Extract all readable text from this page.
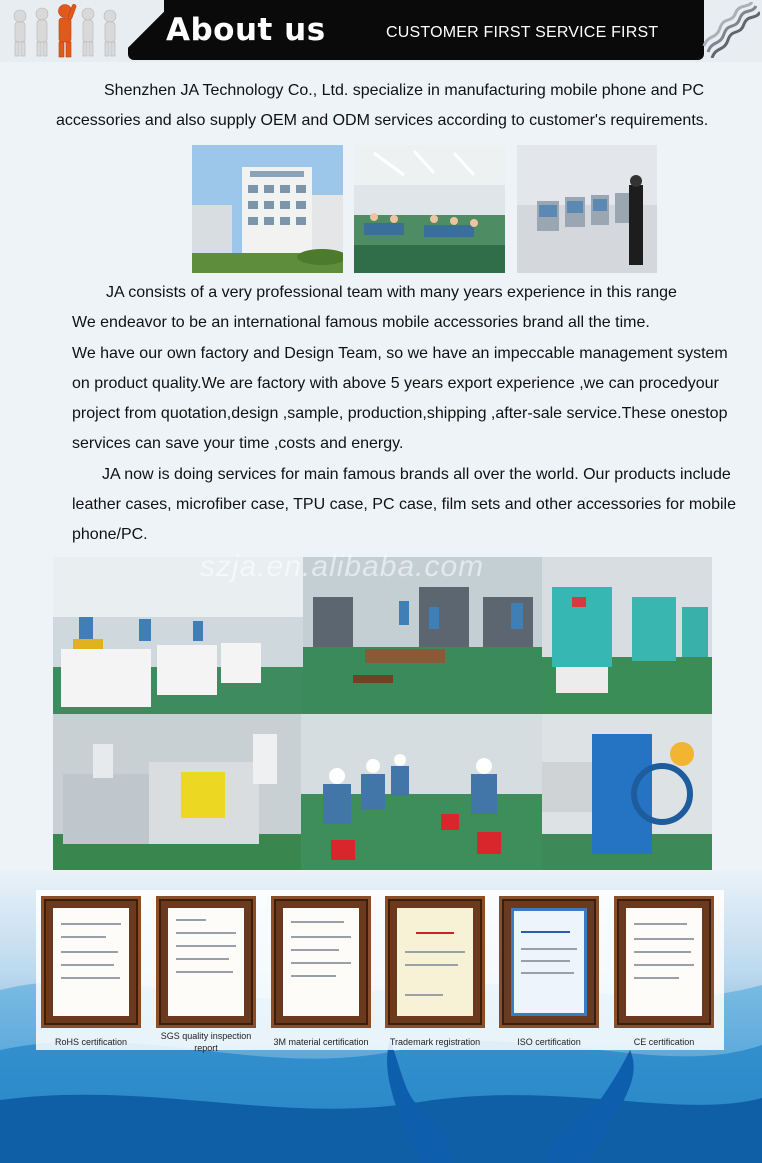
About us	CUSTOMER FIRST SERVICE FIRST
Shenzhen JA Technology Co., Ltd. specialize in manufacturing mobile phone and PC accessories and also supply OEM and ODM services according to customer's requirements.
JA consists of a very professional team with many years experience in this range
We endeavor to be an international famous mobile accessories brand all the time.
We have our own factory and Design Team, so we have an impeccable management system on product quality.We are factory with above 5 years export experience ,we can procedyour project from quotation,design ,sample, production,shipping ,after-sale service.These onestop services can save your time ,costs and energy.
JA now is doing services for main famous brands all over the world. Our products include leather cases, microfiber case, TPU case, PC case, film sets and other accessories for mobile phone/PC.
szja.en.alibaba.com
RoHS certification
SGS quality inspection report
3M material certification	Trademark registration	ISO certification	CE certification
